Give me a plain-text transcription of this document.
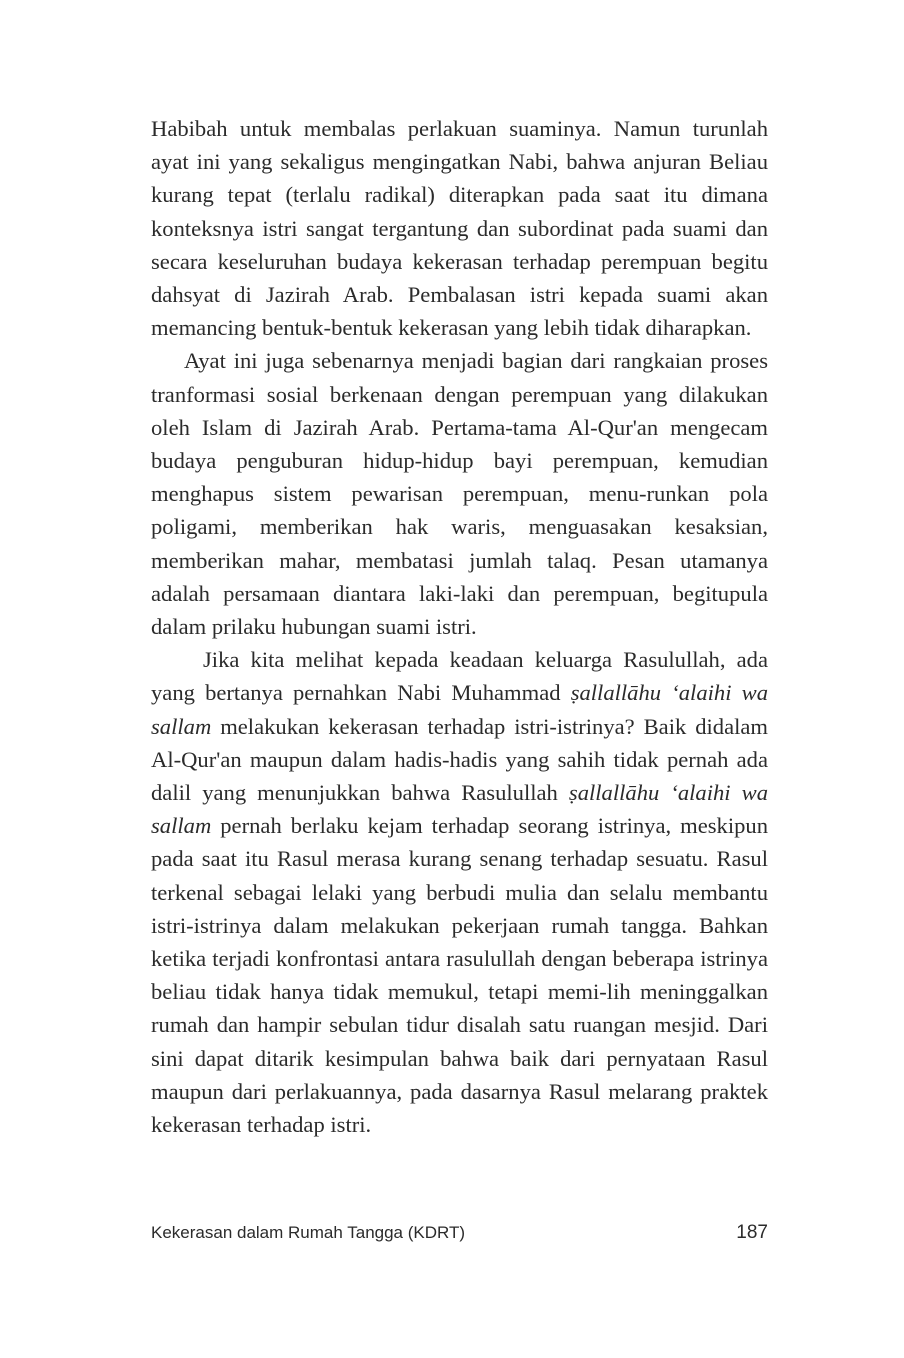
Habibah untuk membalas perlakuan suaminya. Namun turunlah ayat ini yang sekaligus mengingatkan Nabi, bahwa anjuran Beliau kurang tepat (terlalu radikal) diterapkan pada saat itu dimana konteksnya istri sangat tergantung dan subordinat pada suami dan secara keseluruhan budaya kekerasan terhadap perempuan begitu dahsyat di Jazirah Arab. Pembalasan istri kepada suami akan memancing bentuk-bentuk kekerasan yang lebih tidak diharapkan.

Ayat ini juga sebenarnya menjadi bagian dari rangkaian proses tranformasi sosial berkenaan dengan perempuan yang dilakukan oleh Islam di Jazirah Arab. Pertama-tama Al-Qur'an mengecam budaya penguburan hidup-hidup bayi perempuan, kemudian menghapus sistem pewarisan perempuan, menu-runkan pola poligami, memberikan hak waris, menguasakan kesaksian, memberikan mahar, membatasi jumlah talaq. Pesan utamanya adalah persamaan diantara laki-laki dan perempuan, begitupula dalam prilaku hubungan suami istri.

Jika kita melihat kepada keadaan keluarga Rasulullah, ada yang bertanya pernahkan Nabi Muhammad ṣallallāhu ‘alaihi wa sallam melakukan kekerasan terhadap istri-istrinya? Baik didalam Al-Qur'an maupun dalam hadis-hadis yang sahih tidak pernah ada dalil yang menunjukkan bahwa Rasulullah ṣallallāhu ‘alaihi wa sallam pernah berlaku kejam terhadap seorang istrinya, meskipun pada saat itu Rasul merasa kurang senang terhadap sesuatu. Rasul terkenal sebagai lelaki yang berbudi mulia dan selalu membantu istri-istrinya dalam melakukan pekerjaan rumah tangga. Bahkan ketika terjadi konfrontasi antara rasulullah dengan beberapa istrinya beliau tidak hanya tidak memukul, tetapi memi-lih meninggalkan rumah dan hampir sebulan tidur disalah satu ruangan mesjid. Dari sini dapat ditarik kesimpulan bahwa baik dari pernyataan Rasul maupun dari perlakuannya, pada dasarnya Rasul melarang praktek kekerasan terhadap istri.

Kekerasan dalam Rumah Tangga (KDRT)	187
